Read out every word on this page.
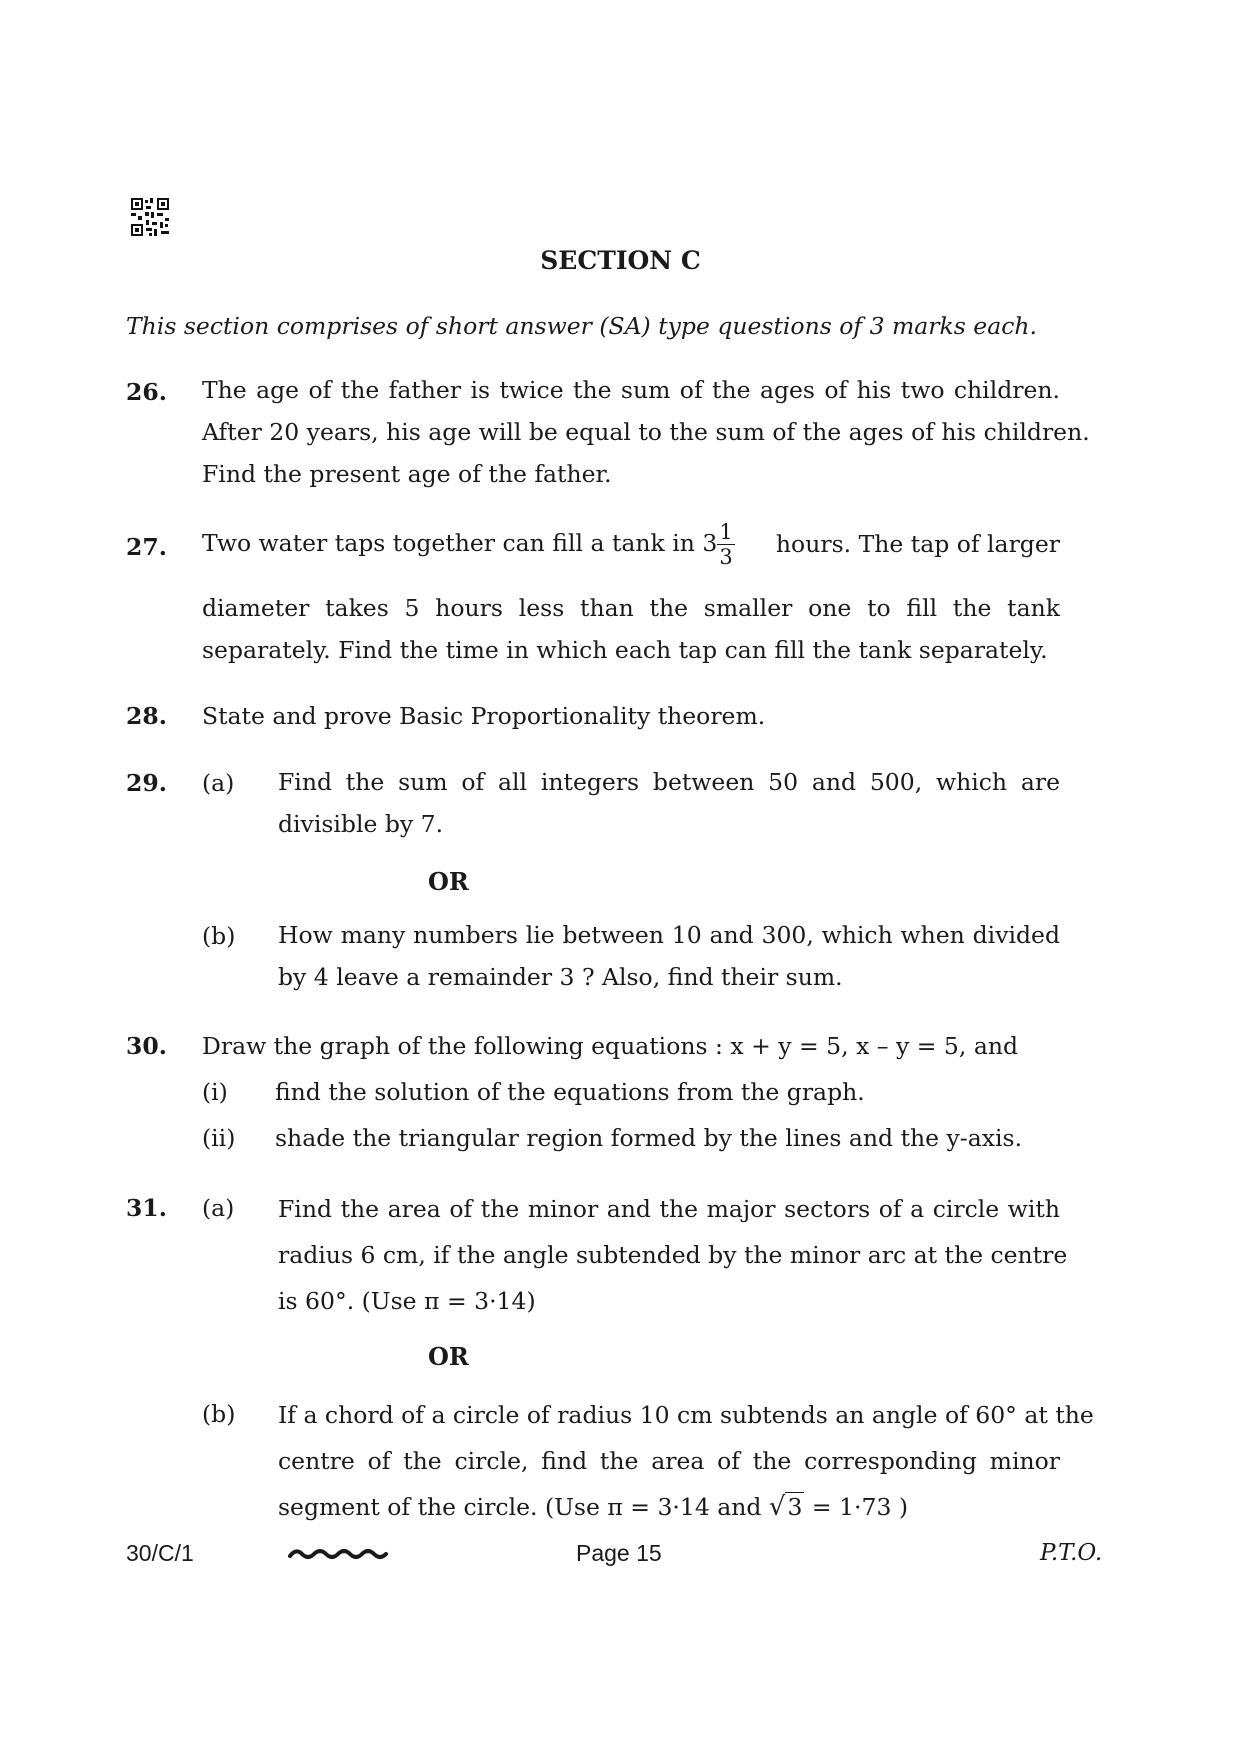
SECTION C
This section comprises of short answer (SA) type questions of 3 marks each.
26. The age of the father is twice the sum of the ages of his two children.
After 20 years, his age will be equal to the sum of the ages of his children.
Find the present age of the father.
27. Two water taps together can fill a tank in $3 \frac{1}{3}$ hours. The tap of larger
diameter takes 5 hours less than the smaller one to fill the tank
separately. Find the time in which each tap can fill the tank separately.
28. State and prove Basic Proportionality theorem.
29. (a) Find the sum of all integers between 50 and 500, which are
divisible by 7.
OR
(b) How many numbers lie between 10 and 300, which when divided
by 4 leave a remainder 3 ? Also, find their sum.
30. Draw the graph of the following equations : x + y = 5, x – y = 5, and
(i) find the solution of the equations from the graph.
(ii) shade the triangular region formed by the lines and the y-axis.
31. (a) Find the area of the minor and the major sectors of a circle with
radius 6 cm, if the angle subtended by the minor arc at the centre
is 60°. (Use π = 3·14)
OR
(b) If a chord of a circle of radius 10 cm subtends an angle of 60° at the
centre of the circle, find the area of the corresponding minor
segment of the circle. (Use π = 3·14 and √3 = 1·73 )
30/C/1	Page 15	P.T.O.
